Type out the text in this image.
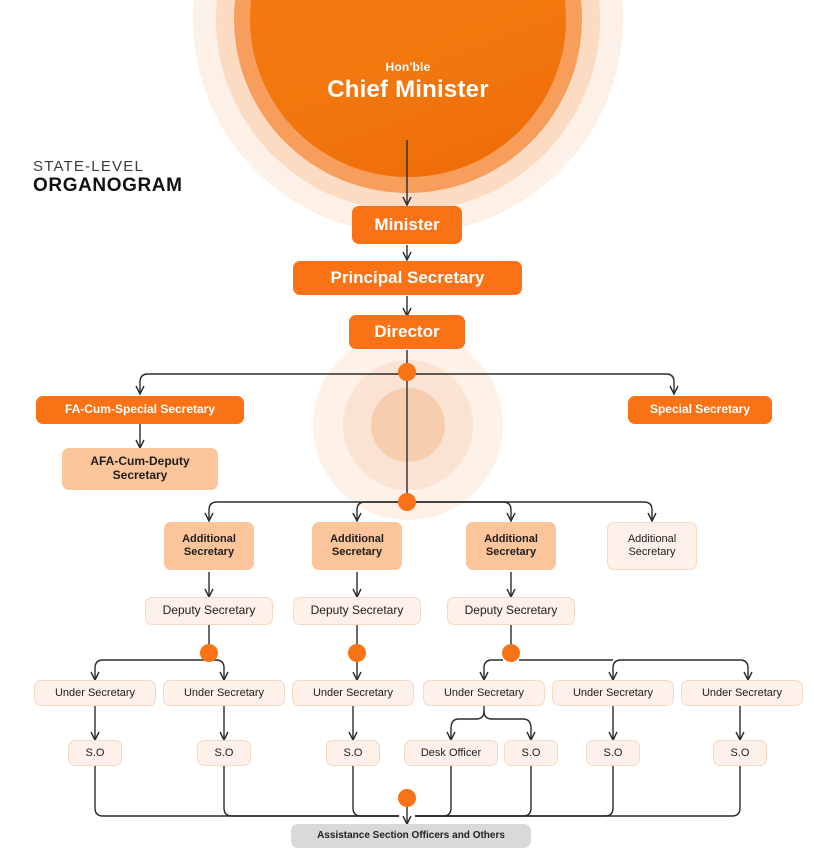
Hon'ble
Chief Minister
STATE-LEVEL
ORGANOGRAM
Minister
Principal Secretary
Director
FA-Cum-Special Secretary	Special Secretary
AFA-Cum-Deputy Secretary
Additional Secretary
Additional Secretary
Additional Secretary
Additional Secretary
Deputy Secretary	Deputy Secretary	Deputy Secretary
Under Secretary	Under Secretary	Under Secretary	Under Secretary	Under Secretary	Under Secretary
S.O	S.O	S.O	Desk Officer	S.O	S.O	S.O
Assistance Section Officers and Others
